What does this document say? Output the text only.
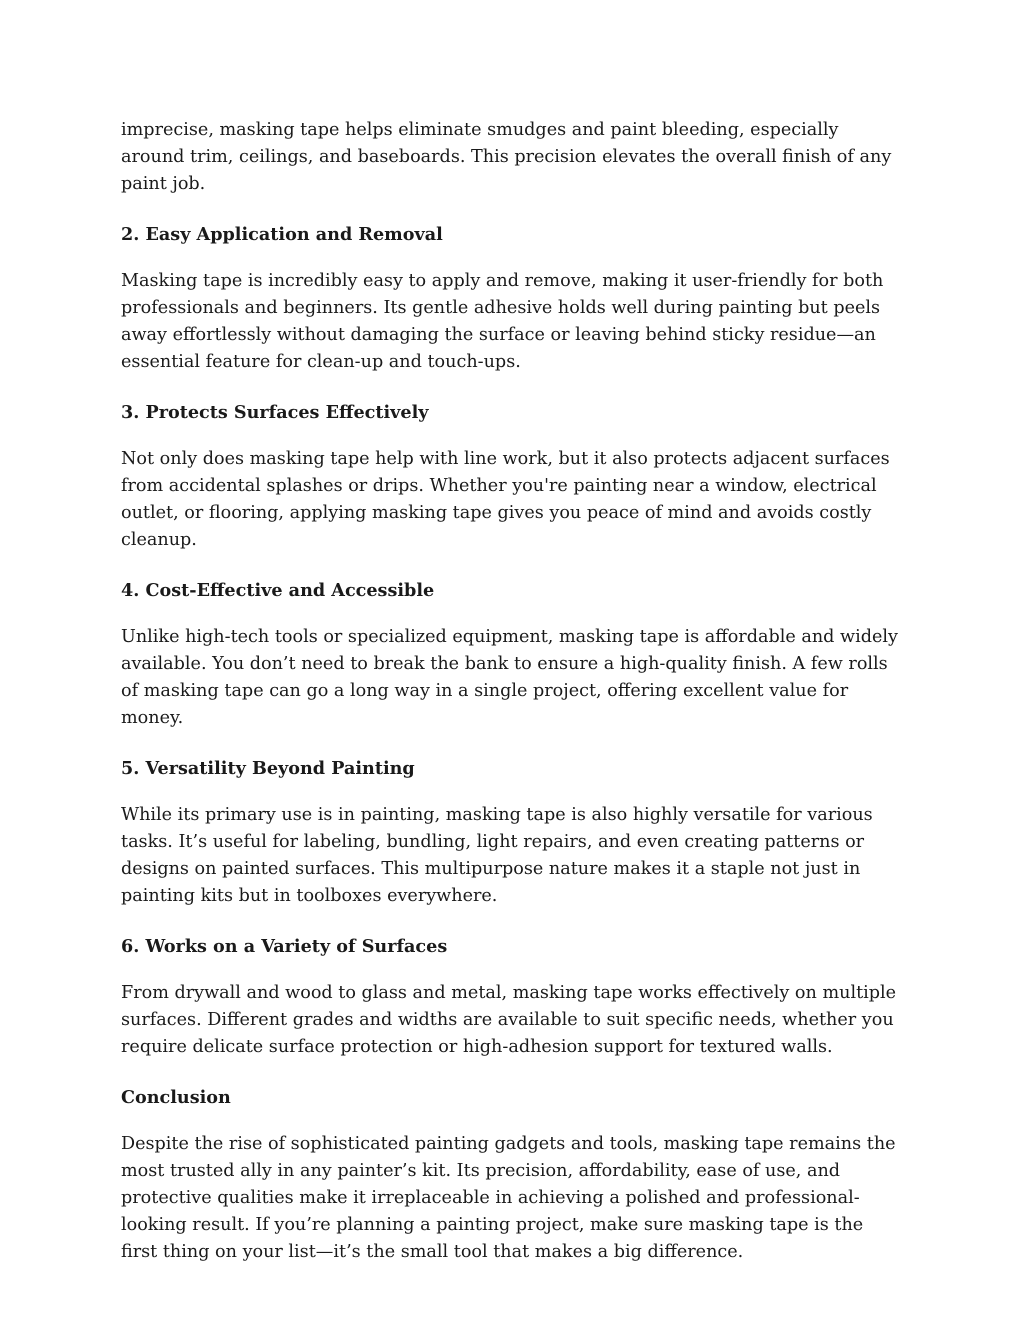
imprecise, masking tape helps eliminate smudges and paint bleeding, especially around trim, ceilings, and baseboards. This precision elevates the overall finish of any paint job.

2. Easy Application and Removal

Masking tape is incredibly easy to apply and remove, making it user-friendly for both professionals and beginners. Its gentle adhesive holds well during painting but peels away effortlessly without damaging the surface or leaving behind sticky residue—an essential feature for clean-up and touch-ups.

3. Protects Surfaces Effectively

Not only does masking tape help with line work, but it also protects adjacent surfaces from accidental splashes or drips. Whether you're painting near a window, electrical outlet, or flooring, applying masking tape gives you peace of mind and avoids costly cleanup.

4. Cost-Effective and Accessible

Unlike high-tech tools or specialized equipment, masking tape is affordable and widely available. You don’t need to break the bank to ensure a high-quality finish. A few rolls of masking tape can go a long way in a single project, offering excellent value for money.

5. Versatility Beyond Painting

While its primary use is in painting, masking tape is also highly versatile for various tasks. It’s useful for labeling, bundling, light repairs, and even creating patterns or designs on painted surfaces. This multipurpose nature makes it a staple not just in painting kits but in toolboxes everywhere.

6. Works on a Variety of Surfaces

From drywall and wood to glass and metal, masking tape works effectively on multiple surfaces. Different grades and widths are available to suit specific needs, whether you require delicate surface protection or high-adhesion support for textured walls.

Conclusion

Despite the rise of sophisticated painting gadgets and tools, masking tape remains the most trusted ally in any painter’s kit. Its precision, affordability, ease of use, and protective qualities make it irreplaceable in achieving a polished and professional-looking result. If you’re planning a painting project, make sure masking tape is the first thing on your list—it’s the small tool that makes a big difference.
